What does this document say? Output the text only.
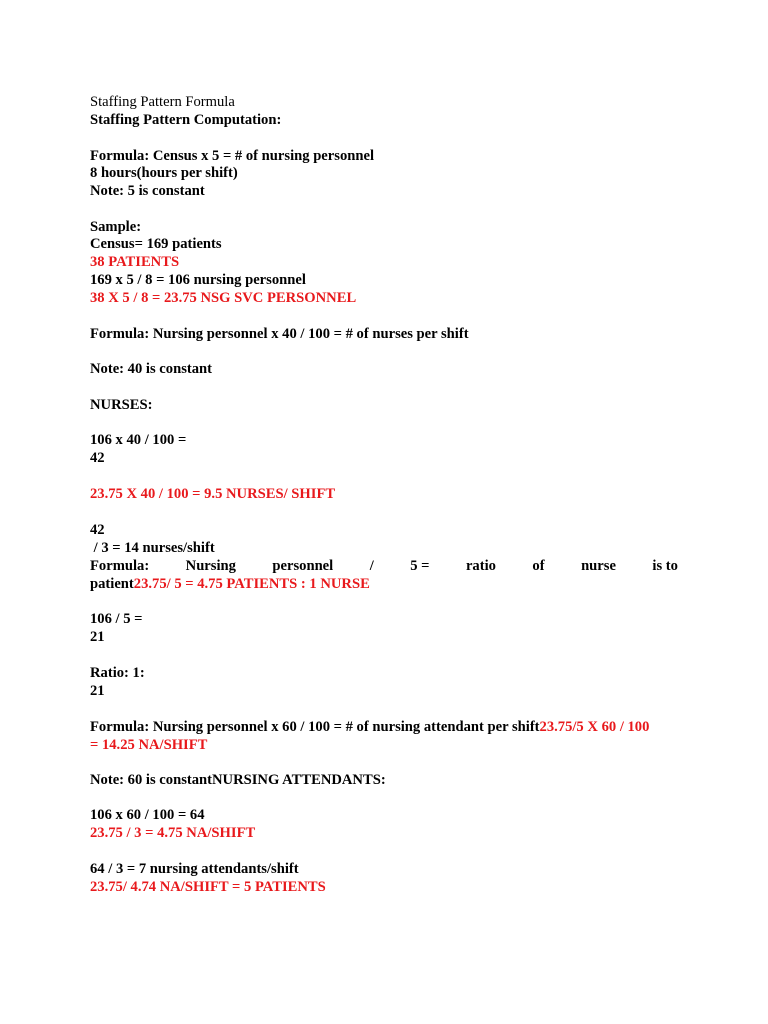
Staffing Pattern Formula
Staffing Pattern Computation:
Formula: Census x 5 = # of nursing personnel
8 hours(hours per shift)
Note: 5 is constant
Sample:
Census= 169 patients
38 PATIENTS
169 x 5 / 8 = 106 nursing personnel
38 X 5 / 8 = 23.75 NSG SVC PERSONNEL
Formula: Nursing personnel x 40 / 100 = # of nurses per shift
Note: 40 is constant
NURSES:
106 x 40 / 100 =
42
23.75 X 40 / 100 = 9.5 NURSES/ SHIFT
42
/ 3 = 14 nurses/shift
Formula: Nursing personnel / 5 = ratio of nurse is to
patient23.75/ 5 = 4.75 PATIENTS : 1 NURSE
106 / 5 =
21
Ratio: 1:
21
Formula: Nursing personnel x 60 / 100 = # of nursing attendant per shift23.75/5 X 60 / 100
= 14.25 NA/SHIFT
Note: 60 is constantNURSING ATTENDANTS:
106 x 60 / 100 = 64
23.75 / 3 = 4.75 NA/SHIFT
64 / 3 = 7 nursing attendants/shift
23.75/ 4.74 NA/SHIFT = 5 PATIENTS
